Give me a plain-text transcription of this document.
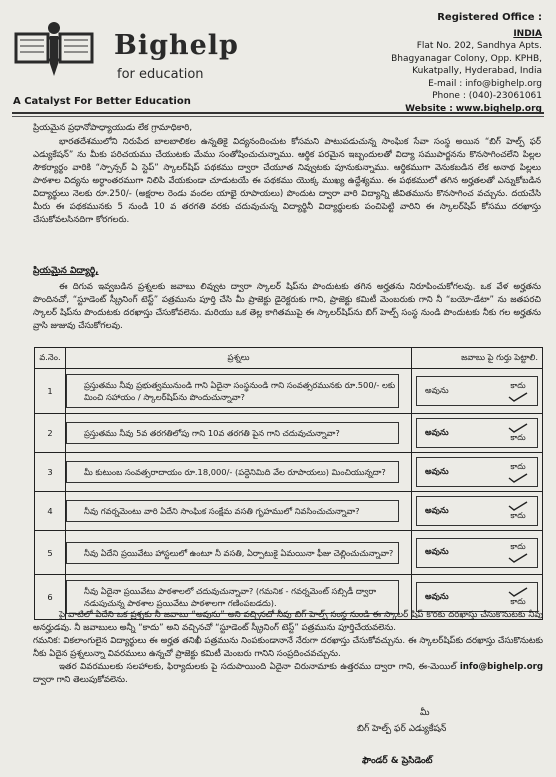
Bighelp
for education
A Catalyst For Better Education
Registered Office :
INDIA
Flat No. 202, Sandhya Apts.
Bhagyanagar Colony, Opp. KPHB,
Kukatpally, Hyderabad, India
E-mail : info@bighelp.org
Phone : (040)-23061061
Website : www.bighelp.org
ప్రియమైన ప్రధానోపాధ్యాయుడు లేక గ్రామాధికారి,

భారతదేశములోని నిరుపేద బాలబాలికల ఉన్నతికై విద్యనందించుట కోసమని పాటుపడుచున్న సాంఘిక సేవా సంస్థ అయిన “బిగ్ హెల్ప్ ఫర్ ఎడ్యుకేషన్” ను మీకు పరిచయము చేయుటకు మేము సంతోషించుచున్నాము. ఆర్థిక పరమైన ఇబ్బందులతో విద్యా సముపార్జనను కొనసాగించలేని పిల్లల సౌకర్యార్థం వారికి “స్పాన్సర్ ఏ స్టెప్” స్కాలర్‌షిప్ పథకము ద్వారా చేయూత నివ్వుటకు పూనుకున్నాము. ఆర్థికముగా వెనుకబడిన లేక అనాథ పిల్లలు పాఠశాల విద్యను అర్ధాంతరముగా నిలిపి వేయకుండా చూడుటయే ఈ పథకము యొక్క ముఖ్య ఉద్దేశ్యము. ఈ పథకములో తగిన అర్హతలతో ఎన్నుకోబడిన విద్యార్థులు నెలకు రూ.250/- (అక్షరాల రెండు వందల యాభై రూపాయలు) పొందుట ద్వారా వారి విద్యాన్ని జీవితమును కొనసాగించ వచ్చును. దయచేసి మీరు ఈ పథకమునకు 5 నుండి 10 వ తరగతి వరకు చదువుచున్న విద్యార్థినీ విద్యార్థులకు పంచిపెట్టి వారిని ఈ స్కాలర్‌షిప్ కోసము దరఖాస్తు చేసుకోవలసినదిగా కోరగలరు.

ప్రియమైన విద్యార్థి,

ఈ దిగువ ఇవ్వబడిన ప్రశ్నలకు జవాబు లివ్వుట ద్వారా స్కాలర్ షిప్‌ను పొందుటకు తగిన అర్హతను నిరూపించుకోగలవు. ఒక వేళ అర్హతను పొందినచో, “స్టూడెంట్ స్క్రీనింగ్ టెస్ట్” పత్రమును పూర్తి చేసి మీ ప్రాజెక్టు డైరెక్టరుకు గాని, ప్రాజెక్టు కమిటీ మెంబరుకు గాని నీ “బయో-డేటా” ను జతపరచి స్కాలర్ షిప్‌ను పొందుటకు దరఖాస్తు చేసుకోవలెను. మరియు ఒక తెల్ల కాగితముపై ఈ స్కాలర్‌షిప్‌ను బిగ్ హెల్ప్ సంస్థ నుండి పొందుటకు నీకు గల అర్హతను వ్రాసి జుజువు చేసుకోగలవు.

వ.నెం.	ప్రశ్నలు	జవాబు పై గుర్తు పెట్టాలి.
1	ప్రస్తుతము నీవు ప్రభుత్వమునుండి గాని ఏదైనా సంస్థనుండి గాని సంవత్సరమునకు రూ.500/- లకు మించి సహాయం / స్కాలర్‌షిప్‌ను పొందుచున్నావా?	అవును కాదు

2	ప్రస్తుతము నీవు 5వ తరగతిలోపు గాని 10వ తరగతి పైన గాని చదువుచున్నావా?	అవును
కాదు

3	మీ కుటుంబ సంవత్సరాదాయం రూ.18,000/- (పద్దెనిమిది వేల రూపాయలు) మించియున్నదా?	అవును కాదు

4	నీవు గవర్నమెంటు వారి ఏదేని సాంఘిక సంక్షేమ వసతి గృహములో నివసించుచున్నావా?	అవును
కాదు

5	నీవు ఏదేని ప్రయివేటు హాస్టలులో ఉంటూ నీ వసతి, ఏర్పాటుకై ఏమయినా ఫీజు చెల్లించుచున్నావా?	అవును కాదు

6	నీవు ఏదైనా ప్రయివేటు పాఠశాలలో చదువుచున్నావా? (గమనిక - గవర్నమెంట్ సబ్సిడీ ద్వారా నడుపుచున్న పాఠశాల ప్రయివేటు పాఠశాలగా గణింపబడదు).	అవును
కాదు
పై వాటిలో ఏదేని ఒక ప్రశ్నకు నీ జవాబు “అవును” అని వచ్చినచో నీవు బిగ్ హెల్ప్ సంస్థ నుండి ఈ స్కాలర్ షిప్ కొరకు దరఖాస్తు చేసుకొనుటకు నీవు అనర్హుడవు. నీ జవాబులు అన్నీ “కాదు” అని వచ్చినచో “స్టూడెంట్ స్క్రీనింగ్ టెస్ట్” పత్రమును పూర్తిచేయవలెను.
గమనిక: వికలాంగులైన విద్యార్థులు ఈ అర్హత తనిఖీ పత్రమును నింపకుండానానే నేరుగా దరఖాస్తు చేసుకోవచ్చును. ఈ స్కాలర్‌షిప్‌కు దరఖాస్తు చేసుకొనుటకు నీకు ఏదైన ప్రశ్నలున్నా వివరములు ఉన్నచో ప్రాజెక్టు కమిటీ మెంబరు గానిని సంప్రదించవచ్చును.
ఇతర వివరములకు సలహాలకు, ఫిర్యాదులకు పై సదుపాయింది ఏదైనా చిరునామాకు ఉత్తరము ద్వారా గాని, ఈ-మెయిల్ info@bighelp.org ద్వారా గాని తెలుపుకోవలెను.
మీ
బిగ్ హెల్ప్ ఫర్ ఎడ్యుకేషన్
ఫౌండర్ & ప్రెసిడెంట్
